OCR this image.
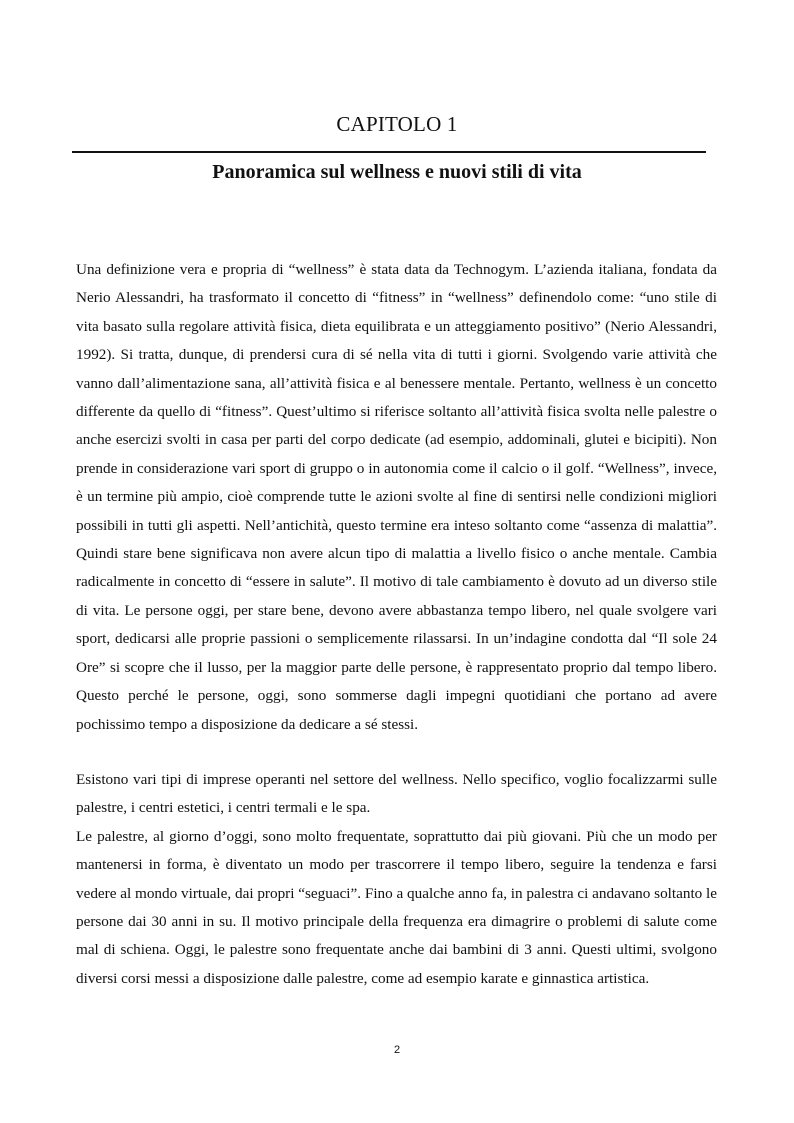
CAPITOLO 1
Panoramica sul wellness e nuovi stili di vita

Una definizione vera e propria di “wellness” è stata data da Technogym. L’azienda italiana, fondata da Nerio Alessandri, ha trasformato il concetto di “fitness” in “wellness” definendolo come: “uno stile di vita basato sulla regolare attività fisica, dieta equilibrata e un atteggiamento positivo” (Nerio Alessandri, 1992). Si tratta, dunque, di prendersi cura di sé nella vita di tutti i giorni. Svolgendo varie attività che vanno dall’alimentazione sana, all’attività fisica e al benessere mentale. Pertanto, wellness è un concetto differente da quello di “fitness”. Quest’ultimo si riferisce soltanto all’attività fisica svolta nelle palestre o anche esercizi svolti in casa per parti del corpo dedicate (ad esempio, addominali, glutei e bicipiti). Non prende in considerazione vari sport di gruppo o in autonomia come il calcio o il golf. “Wellness”, invece, è un termine più ampio, cioè comprende tutte le azioni svolte al fine di sentirsi nelle condizioni migliori possibili in tutti gli aspetti. Nell’antichità, questo termine era inteso soltanto come “assenza di malattia”. Quindi stare bene significava non avere alcun tipo di malattia a livello fisico o anche mentale. Cambia radicalmente in concetto di “essere in salute”. Il motivo di tale cambiamento è dovuto ad un diverso stile di vita. Le persone oggi, per stare bene, devono avere abbastanza tempo libero, nel quale svolgere vari sport, dedicarsi alle proprie passioni o semplicemente rilassarsi. In un’indagine condotta dal “Il sole 24 Ore” si scopre che il lusso, per la maggior parte delle persone, è rappresentato proprio dal tempo libero. Questo perché le persone, oggi, sono sommerse dagli impegni quotidiani che portano ad avere pochissimo tempo a disposizione da dedicare a sé stessi.

Esistono vari tipi di imprese operanti nel settore del wellness. Nello specifico, voglio focalizzarmi sulle palestre, i centri estetici, i centri termali e le spa.

Le palestre, al giorno d’oggi, sono molto frequentate, soprattutto dai più giovani. Più che un modo per mantenersi in forma, è diventato un modo per trascorrere il tempo libero, seguire la tendenza e farsi vedere al mondo virtuale, dai propri “seguaci”. Fino a qualche anno fa, in palestra ci andavano soltanto le persone dai 30 anni in su. Il motivo principale della frequenza era dimagrire o problemi di salute come mal di schiena. Oggi, le palestre sono frequentate anche dai bambini di 3 anni. Questi ultimi, svolgono diversi corsi messi a disposizione dalle palestre, come ad esempio karate e ginnastica artistica.

2
